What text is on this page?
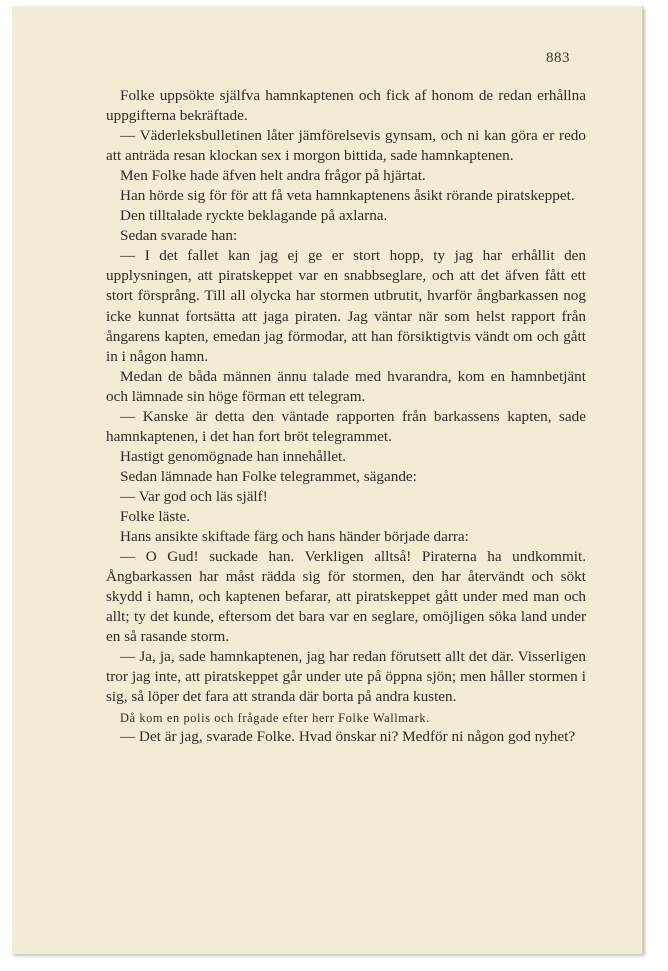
883

Folke uppsökte själfva hamnkaptenen och fick af honom de redan erhållna uppgifterna bekräftade.

— Väderleksbulletinen låter jämförelsevis gynsam, och ni kan göra er redo att anträda resan klockan sex i morgon bittida, sade hamnkaptenen.

Men Folke hade äfven helt andra frågor på hjärtat.

Han hörde sig för för att få veta hamnkaptenens åsikt rörande piratskeppet.

Den tilltalade ryckte beklagande på axlarna.

Sedan svarade han:

— I det fallet kan jag ej ge er stort hopp, ty jag har erhållit den upplysningen, att piratskeppet var en snabbseglare, och att det äfven fått ett stort försprång. Till all olycka har stormen utbrutit, hvarför ångbarkassen nog icke kunnat fortsätta att jaga piraten. Jag väntar när som helst rapport från ångarens kapten, emedan jag förmodar, att han försiktigtvis vändt om och gått in i någon hamn.

Medan de båda männen ännu talade med hvarandra, kom en hamnbetjänt och lämnade sin höge förman ett telegram.

— Kanske är detta den väntade rapporten från barkassens kapten, sade hamnkaptenen, i det han fort bröt telegrammet.

Hastigt genomögnade han innehållet.

Sedan lämnade han Folke telegrammet, sägande:

— Var god och läs själf!

Folke läste.

Hans ansikte skiftade färg och hans händer började darra:

— O Gud! suckade han. Verkligen alltså! Piraterna ha undkommit. Ångbarkassen har måst rädda sig för stormen, den har återvändt och sökt skydd i hamn, och kaptenen befarar, att piratskeppet gått under med man och allt; ty det kunde, eftersom det bara var en seglare, omöjligen söka land under en så rasande storm.

— Ja, ja, sade hamnkaptenen, jag har redan förutsett allt det där. Visserligen tror jag inte, att piratskeppet går under ute på öppna sjön; men håller stormen i sig, så löper det fara att stranda där borta på andra kusten.

Då kom en polis och frågade efter herr Folke Wallmark.

— Det är jag, svarade Folke. Hvad önskar ni? Medför ni någon god nyhet?
